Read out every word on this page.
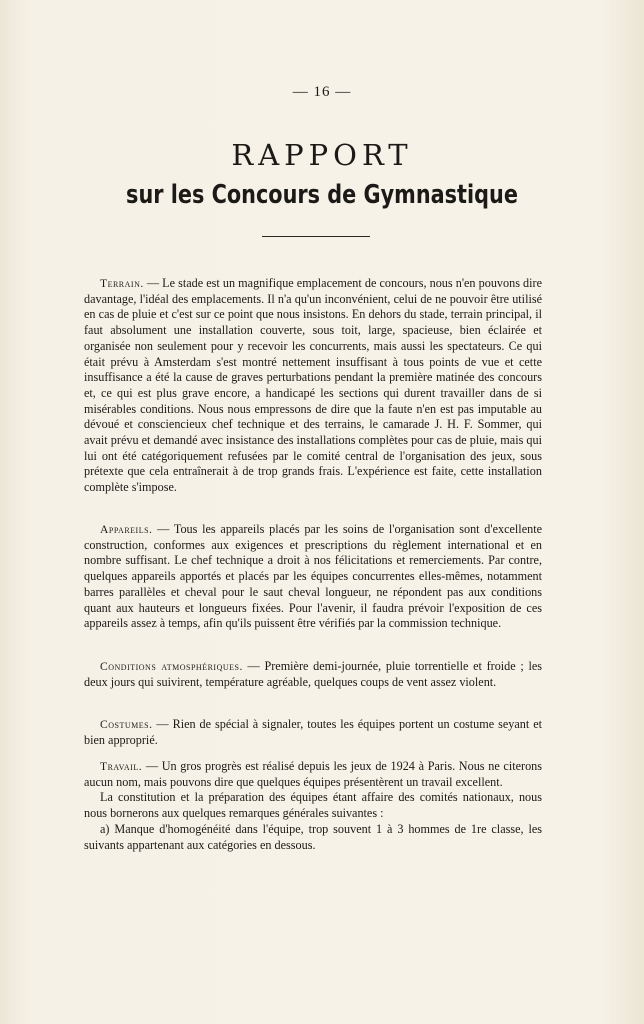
— 16 —
RAPPORT
sur les Concours de Gymnastique

Terrain. — Le stade est un magnifique emplacement de concours, nous n'en pouvons dire davantage, l'idéal des emplacements. Il n'a qu'un inconvénient, celui de ne pouvoir être utilisé en cas de pluie et c'est sur ce point que nous insistons. En dehors du stade, terrain principal, il faut absolument une installation couverte, sous toit, large, spacieuse, bien éclairée et organisée non seulement pour y recevoir les concurrents, mais aussi les spectateurs. Ce qui était prévu à Amsterdam s'est montré nettement insuffisant à tous points de vue et cette insuffisance a été la cause de graves perturbations pendant la première matinée des concours et, ce qui est plus grave encore, a handicapé les sections qui durent travailler dans de si misérables conditions. Nous nous empressons de dire que la faute n'en est pas imputable au dévoué et consciencieux chef technique et des terrains, le camarade J. H. F. Sommer, qui avait prévu et demandé avec insistance des installations complètes pour cas de pluie, mais qui lui ont été catégoriquement refusées par le comité central de l'organisation des jeux, sous prétexte que cela entraînerait à de trop grands frais. L'expérience est faite, cette installation complète s'impose.

Appareils. — Tous les appareils placés par les soins de l'organisation sont d'excellente construction, conformes aux exigences et prescriptions du règlement international et en nombre suffisant. Le chef technique a droit à nos félicitations et remerciements. Par contre, quelques appareils apportés et placés par les équipes concurrentes elles-mêmes, notamment barres parallèles et cheval pour le saut cheval longueur, ne répondent pas aux conditions quant aux hauteurs et longueurs fixées. Pour l'avenir, il faudra prévoir l'exposition de ces appareils assez à temps, afin qu'ils puissent être vérifiés par la commission technique.

Conditions atmosphériques. — Première demi-journée, pluie torrentielle et froide ; les deux jours qui suivirent, température agréable, quelques coups de vent assez violent.

Costumes. — Rien de spécial à signaler, toutes les équipes portent un costume seyant et bien approprié.

Travail. — Un gros progrès est réalisé depuis les jeux de 1924 à Paris. Nous ne citerons aucun nom, mais pouvons dire que quelques équipes présentèrent un travail excellent.

La constitution et la préparation des équipes étant affaire des comités nationaux, nous nous bornerons aux quelques remarques générales suivantes :

a) Manque d'homogénéité dans l'équipe, trop souvent 1 à 3 hommes de 1re classe, les suivants appartenant aux catégories en dessous.
